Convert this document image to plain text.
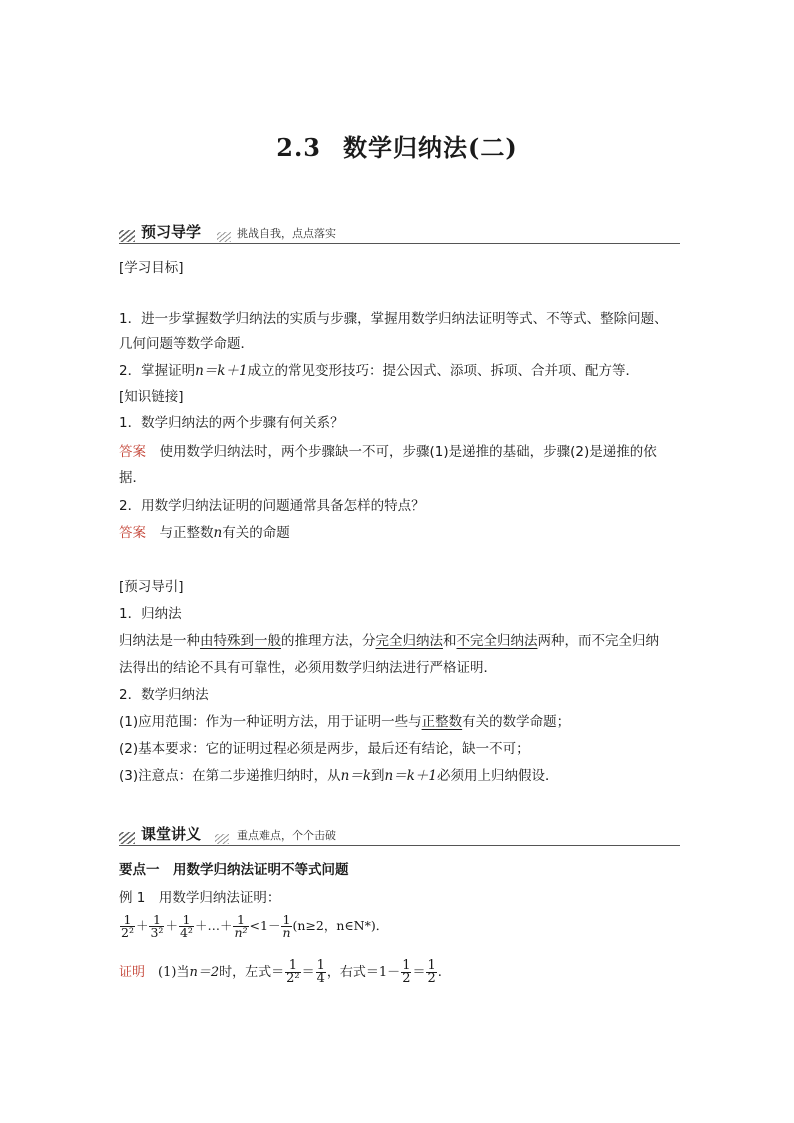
2.3 数学归纳法(二)
预习导学	挑战自我，点点落实
[学习目标]
1．进一步掌握数学归纳法的实质与步骤，掌握用数学归纳法证明等式、不等式、整除问题、
几何问题等数学命题．
2．掌握证明n＝k＋1成立的常见变形技巧：提公因式、添项、拆项、合并项、配方等．
[知识链接]
1．数学归纳法的两个步骤有何关系？
答案　 使用数学归纳法时，两个步骤缺一不可，步骤(1)是递推的基础，步骤(2)是递推的依
据．
2．用数学归纳法证明的问题通常具备怎样的特点？
答案　 与正整数n有关的命题
[预习导引]
1．归纳法
归纳法是一种由特殊到一般的推理方法，分完全归纳法和不完全归纳法两种，而不完全归纳
法得出的结论不具有可靠性，必须用数学归纳法进行严格证明．
2．数学归纳法
(1)应用范围：作为一种证明方法，用于证明一些与正整数有关的数学命题；
(2)基本要求：它的证明过程必须是两步，最后还有结论，缺一不可；
(3)注意点：在第二步递推归纳时，从n＝k到n＝k＋1必须用上归纳假设．
课堂讲义	重点难点，个个击破
要点一　用数学归纳法证明不等式问题
例 1　用数学归纳法证明：
$\frac{1}{\text{2²}} + \frac{1}{\text{3²}} + \frac{1}{\text{4²}}$ ＋…＋ $\frac{1}{\text{n²}} <1- \frac{1}{n} (n\ge 2$，n∈N*)．
证明　 (1)当n＝2时，左式＝ $\frac{1}{\text{2²}} = \frac{1}{4}$ ，右式$=1- \frac{1}{2} = \frac{1}{2}$ .
